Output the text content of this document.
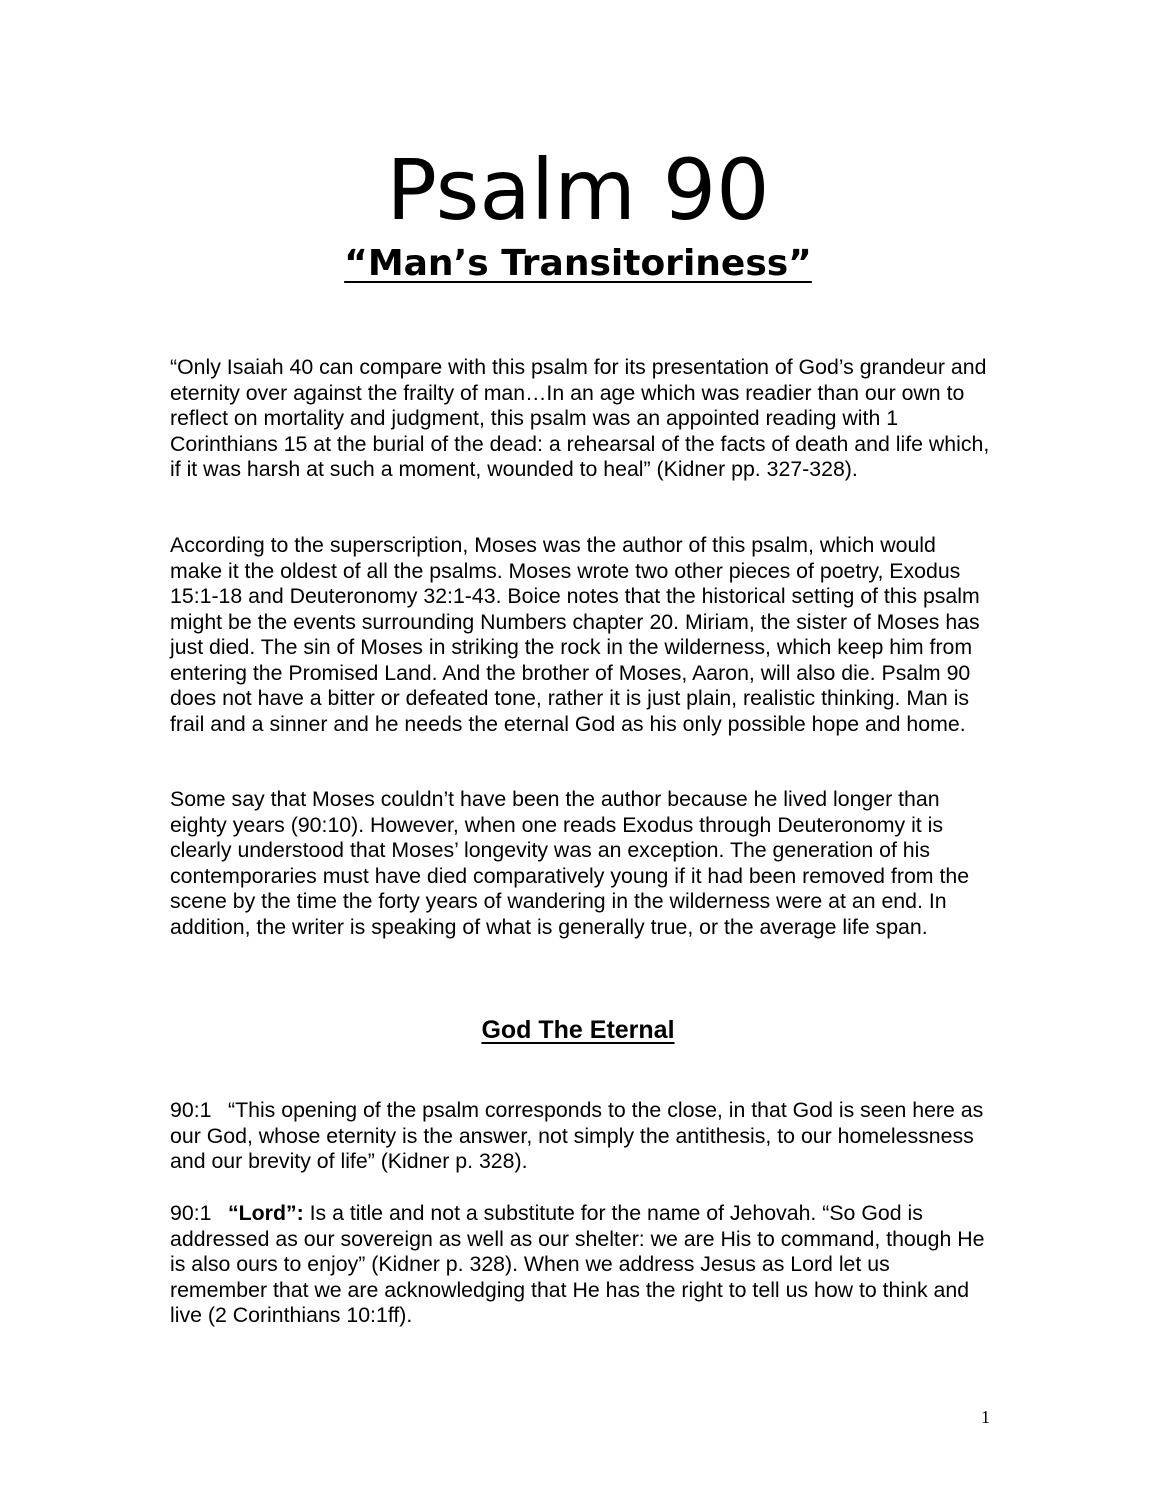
Psalm 90
“Man’s Transitoriness”

“Only Isaiah 40 can compare with this psalm for its presentation of God’s grandeur and eternity over against the frailty of man…In an age which was readier than our own to reflect on mortality and judgment, this psalm was an appointed reading with 1 Corinthians 15 at the burial of the dead: a rehearsal of the facts of death and life which, if it was harsh at such a moment, wounded to heal” (Kidner pp. 327-328).

According to the superscription, Moses was the author of this psalm, which would make it the oldest of all the psalms. Moses wrote two other pieces of poetry, Exodus 15:1-18 and Deuteronomy 32:1-43. Boice notes that the historical setting of this psalm might be the events surrounding Numbers chapter 20. Miriam, the sister of Moses has just died. The sin of Moses in striking the rock in the wilderness, which keep him from entering the Promised Land. And the brother of Moses, Aaron, will also die. Psalm 90 does not have a bitter or defeated tone, rather it is just plain, realistic thinking. Man is frail and a sinner and he needs the eternal God as his only possible hope and home.

Some say that Moses couldn’t have been the author because he lived longer than eighty years (90:10). However, when one reads Exodus through Deuteronomy it is clearly understood that Moses’ longevity was an exception. The generation of his contemporaries must have died comparatively young if it had been removed from the scene by the time the forty years of wandering in the wilderness were at an end. In addition, the writer is speaking of what is generally true, or the average life span.

God The Eternal

90:1 “This opening of the psalm corresponds to the close, in that God is seen here as our God, whose eternity is the answer, not simply the antithesis, to our homelessness and our brevity of life” (Kidner p. 328).

90:1 “Lord”: Is a title and not a substitute for the name of Jehovah. “So God is addressed as our sovereign as well as our shelter: we are His to command, though He is also ours to enjoy” (Kidner p. 328). When we address Jesus as Lord let us remember that we are acknowledging that He has the right to tell us how to think and live (2 Corinthians 10:1ff).

1
